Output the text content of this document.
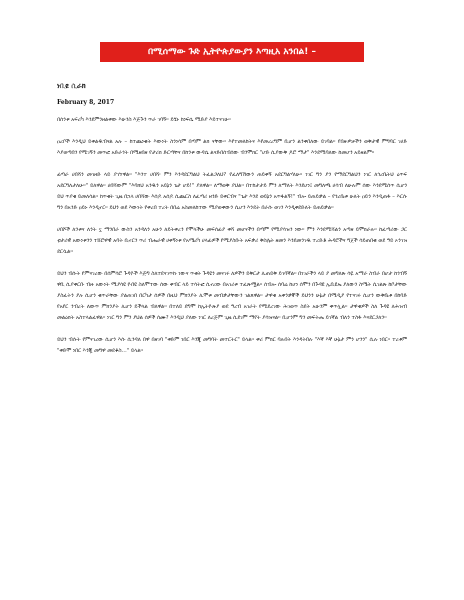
በሚሰማው ጉድ ኢትዮጵያውያን እጣዚአ አንበል! –
ነቢዩ ሲራክ
February 8, 2017

በሰንቱ አፍሪካ እንደምንዘልቀው እሁንስ እጅጉን ጥራ ገባኝ፡፡ ይሄኑ ከነፍሴ ሚድያ እይተናገሁ፡፡

ዐረቦች እንዲህ ይቀልዱብናል አሉ – ከተጨነቁት እውነት ስንነሳም በጣም ልክ ናቸው፡፡ እየተመለከትና እየመረረግም ቢሆን ልንቀበለው ይገባል፡፡ የበዙዎቻችን ወቅታዊ ምግባር ገሀድ እያወጣበን የሚገኝን መጥፎ አድራጎት በሚዘበዘ የታሪክ ድርጣቸና በከንቱ ውዳሴ ልናድበሰብሰው ብንሞክር "ሆድ ሲያውቅ ዶሮ ማታ" እንደሚባለው ከመሆን አይዘልም፡፡

ፊጣራ ሀበሻን መገዘድ ላይ ያገኘዋል፡፡ "እንተ ሀበሻ፡ ምን እንዳደርግልህ ትፈልጋለህ? የፈለግኸውን ጠይቀኝ አደርግልሃለሁ፡፡ ነገር ግን ያን የማደርግልህን ነገር ለጎረቤትህ ዕጥፍ አደርግለታለሁ፡፡" ይለዋል፡፡ ሀበሻውም "እባክህ አንዱን አይኔን ጌታ ሆይ!" ያለዋል። ለማወቅ ያህል። በተከታታይ ምን ለማለት እንደሆነ፤ መግለጫ ሀሳብ ለሁሉም ሰው እንደሚሰጥ ሲሆን ይህ ጥያቄ ይመለሳል፡፡ ከጥቂት ጊዜ በኋላ ሀበሻው እሰዶ አሰዶ ሲጨርስ ለፈጣሪ ዘንድ ይቀርብና "ጌታ እንደ ወይኔን አጥፋልኝ!" ብሎ ይጠይቃል – የጎረቤቱ ሁለት ዐይን እንዲጠፋ – እርሱ ግን በአንድ ዐይኑ እንዲኖር፡፡ ይህን ወደ እውነት የቀረበ ተረት በበሬ አስመለከተው ሚያወቀውን ሲሆን እንዴት በራሱ ወገን እንዲቀደድለት ይጠይቃል፡፡

ሀበሾች ለንቱና ለንት ኗ ማንበራ ውስን አንዳለን አሁን ለይትቀረን የሞላችሁ መፍሰፊያ ቀሻ መሆናችን በጣም የሚያሳዝን ነው፡፡ ምን እንደሚሻልን አጣዘ ይሞክራሉ፡፡ ከፈጣሪው ጋር ቲታሪዊ አውነቱንን ተሸሮዋዊ አባት ቢኖርን ጥሪ ብሔራዊ ሀቀኝነቱ የአሜሪካ ሀላፊዎች የሚያስቡት አፍቃሪ ቅስሌት ዘመን እንደመንገዱ ተረድቶ ሕዳሮችና ግጀች ሳይጠበቁ ወደ ዓይ ኦንገዝ ደርሷል፡፡

ይህን ብሱት የምናገረው በሰምሳሮ ጉዳዮች እጅግ ስለተደናገጥኩ ነውና ጥቂት ጉዳዩን መናገሩ ለዎችን ይቅርታ ሊጠይቅ ይገባኛል፡፡ በነገራችን ላይ ያ መግለጽ ሳዬ አማራ ስብራ በሆታ ከጎብኝ ዋቢ ሲያቀርቡ ብዙ አውነት ሚያሳዩ ዮበዩ ስለሞተው ሰው ቀብር ላይ ተሳትፎ ሲኖረው በአገሪቱ ተፈጽሟል፡፡ ሰብሎ ሰባሬ ከሆነ ሰሞን በጉዳዩ ኢቢዩኤ ያለውን ስሜት ሲገልጽ ከቦታቸው ያስፈትን ያሉ ሲሆን ቁጥራቸው ያልጠገበ በርካታ ሰዎች በዚህ ምክንያት ሊሞቱ መብቃታቸውን ገልጸዋል፡፡ ታዋቂ አቀንቃኞች ይህንን ሁኔታ በሚዲያ የተናገሩ ሲሆን ውቅቤቱ በከባድ የአየር ንብረት ለውጥ ምክንያት ሊሆን ይችላል ብለዋል። በተለይ ደግሞ ከኢትዮጵያ ወደ ዓረብ አገራት የሚደረገው ሕገወጥ ስደት አሁንም ቀጥሏል፡፡ ታዋቂዎች ስለ ጉዳዩ ለሕዝብ መልዕክት አስተላልፈዋል። ነገር ግን ምን ያህል ሰዎች ሰሙ? እንዲህ ያለው ነገር ለረጅም ጊዜ ሲደገም ማየት ያሳዝናል። ቢሆንም ግን መፍትሔ ይገኛል ብለን ተስፋ እናደርጋለን።

ይህን ብሱት የምናገረው ሲሆን እሱ ሲንዳለ በዋ በዘገባ "ቀድም ነበር እንጂ መግባት መተርትር" ይላል፡፡ ቀሪ ምክር ባሉበት እንዳትበሉ "እኛ እኛ ሁኔታ ምን ሆንን" ሲሉ ነበር፡፡ ተረቱም "ቀድሞ ነበር እንጂ መግዋ መደቆስ…" ይላል፡፡
